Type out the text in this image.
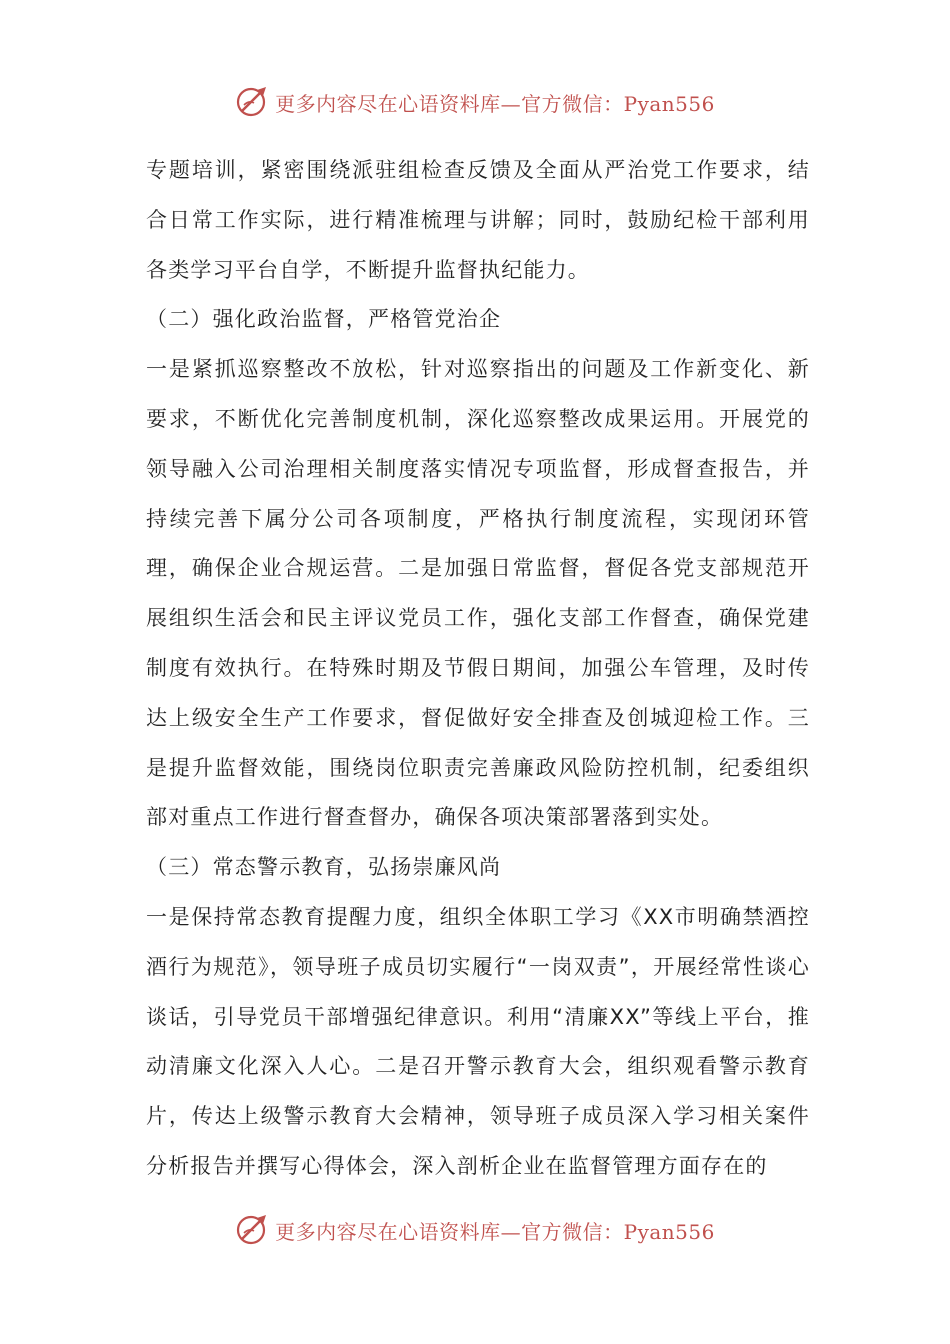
更多内容尽在心语资料库—官方微信：Pyan556

专题培训，紧密围绕派驻组检查反馈及全面从严治党工作要求，结合日常工作实际，进行精准梳理与讲解；同时，鼓励纪检干部利用各类学习平台自学，不断提升监督执纪能力。

（二）强化政治监督，严格管党治企

一是紧抓巡察整改不放松，针对巡察指出的问题及工作新变化、新要求，不断优化完善制度机制，深化巡察整改成果运用。开展党的领导融入公司治理相关制度落实情况专项监督，形成督查报告，并持续完善下属分公司各项制度，严格执行制度流程，实现闭环管理，确保企业合规运营。二是加强日常监督，督促各党支部规范开展组织生活会和民主评议党员工作，强化支部工作督查，确保党建制度有效执行。在特殊时期及节假日期间，加强公车管理，及时传达上级安全生产工作要求，督促做好安全排查及创城迎检工作。三是提升监督效能，围绕岗位职责完善廉政风险防控机制，纪委组织部对重点工作进行督查督办，确保各项决策部署落到实处。

（三）常态警示教育，弘扬崇廉风尚

一是保持常态教育提醒力度，组织全体职工学习《XX市明确禁酒控酒行为规范》，领导班子成员切实履行“一岗双责”，开展经常性谈心谈话，引导党员干部增强纪律意识。利用“清廉XX”等线上平台，推动清廉文化深入人心。二是召开警示教育大会，组织观看警示教育片，传达上级警示教育大会精神，领导班子成员深入学习相关案件分析报告并撰写心得体会，深入剖析企业在监督管理方面存在的

更多内容尽在心语资料库—官方微信：Pyan556
